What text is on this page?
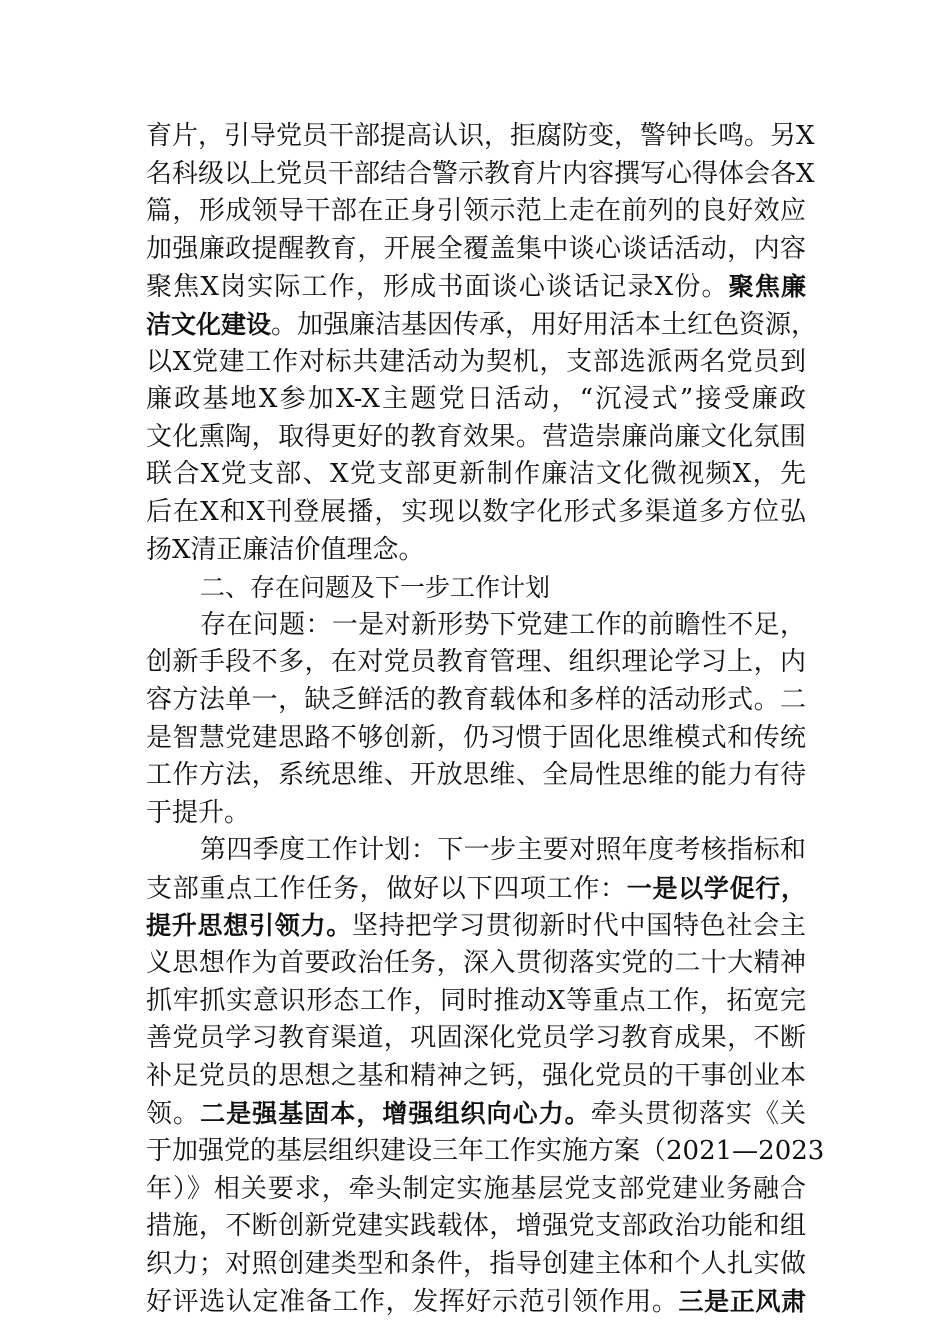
育片，引导党员干部提高认识，拒腐防变，警钟长鸣。另X
名科级以上党员干部结合警示教育片内容撰写心得体会各X
篇，形成领导干部在正身引领示范上走在前列的良好效应
加强廉政提醒教育，开展全覆盖集中谈心谈话活动，内容
聚焦X岗实际工作，形成书面谈心谈话记录X份。聚焦廉
洁文化建设。加强廉洁基因传承，用好用活本土红色资源，
以X党建工作对标共建活动为契机，支部选派两名党员到
廉政基地X参加X-X主题党日活动，“沉浸式”接受廉政
文化熏陶，取得更好的教育效果。营造崇廉尚廉文化氛围
联合X党支部、X党支部更新制作廉洁文化微视频X，先
后在X和X刊登展播，实现以数字化形式多渠道多方位弘
扬X清正廉洁价值理念。
二、存在问题及下一步工作计划
存在问题：一是对新形势下党建工作的前瞻性不足，
创新手段不多，在对党员教育管理、组织理论学习上，内
容方法单一，缺乏鲜活的教育载体和多样的活动形式。二
是智慧党建思路不够创新，仍习惯于固化思维模式和传统
工作方法，系统思维、开放思维、全局性思维的能力有待
于提升。
第四季度工作计划：下一步主要对照年度考核指标和
支部重点工作任务，做好以下四项工作：一是以学促行，
提升思想引领力。坚持把学习贯彻新时代中国特色社会主
义思想作为首要政治任务，深入贯彻落实党的二十大精神
抓牢抓实意识形态工作，同时推动X等重点工作，拓宽完
善党员学习教育渠道，巩固深化党员学习教育成果，不断
补足党员的思想之基和精神之钙，强化党员的干事创业本
领。二是强基固本，增强组织向心力。牵头贯彻落实《关
于加强党的基层组织建设三年工作实施方案（2021—2023
年）》相关要求，牵头制定实施基层党支部党建业务融合
措施，不断创新党建实践载体，增强党支部政治功能和组
织力；对照创建类型和条件，指导创建主体和个人扎实做
好评选认定准备工作，发挥好示范引领作用。三是正风肃
